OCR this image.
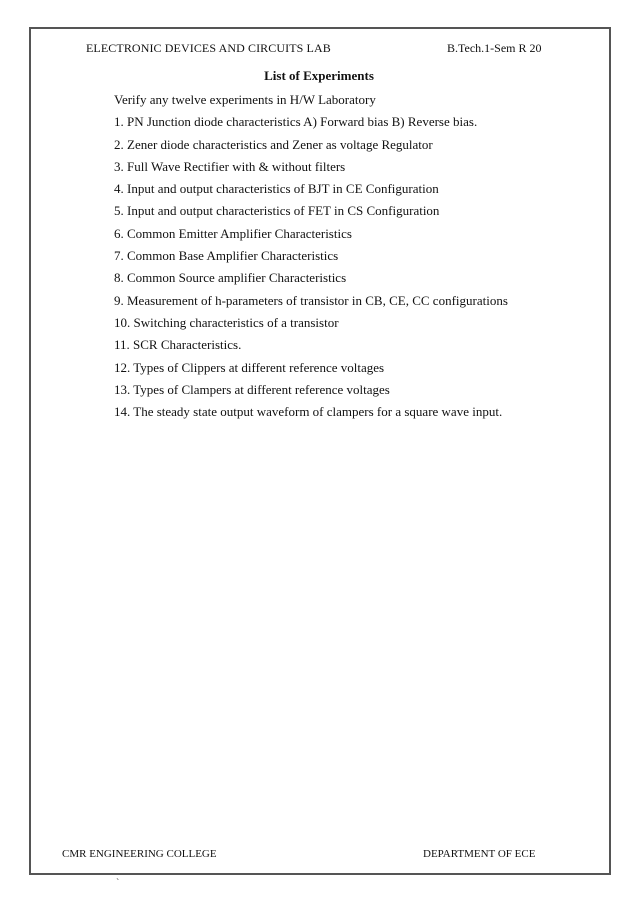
ELECTRONIC DEVICES AND CIRCUITS LAB	B.Tech.1-Sem R 20
List of Experiments
Verify any twelve experiments in H/W Laboratory
1. PN Junction diode characteristics A) Forward bias B) Reverse bias.
2. Zener diode characteristics and Zener as voltage Regulator
3. Full Wave Rectifier with & without filters
4. Input and output characteristics of BJT in CE Configuration
5. Input and output characteristics of FET in CS Configuration
6. Common Emitter Amplifier Characteristics
7. Common Base Amplifier Characteristics
8. Common Source amplifier Characteristics
9. Measurement of h-parameters of transistor in CB, CE, CC configurations
10. Switching characteristics of a transistor
11. SCR Characteristics.
12. Types of Clippers at different reference voltages
13. Types of Clampers at different reference voltages
14. The steady state output waveform of clampers for a square wave input.
CMR ENGINEERING COLLEGE	DEPARTMENT OF ECE
`
